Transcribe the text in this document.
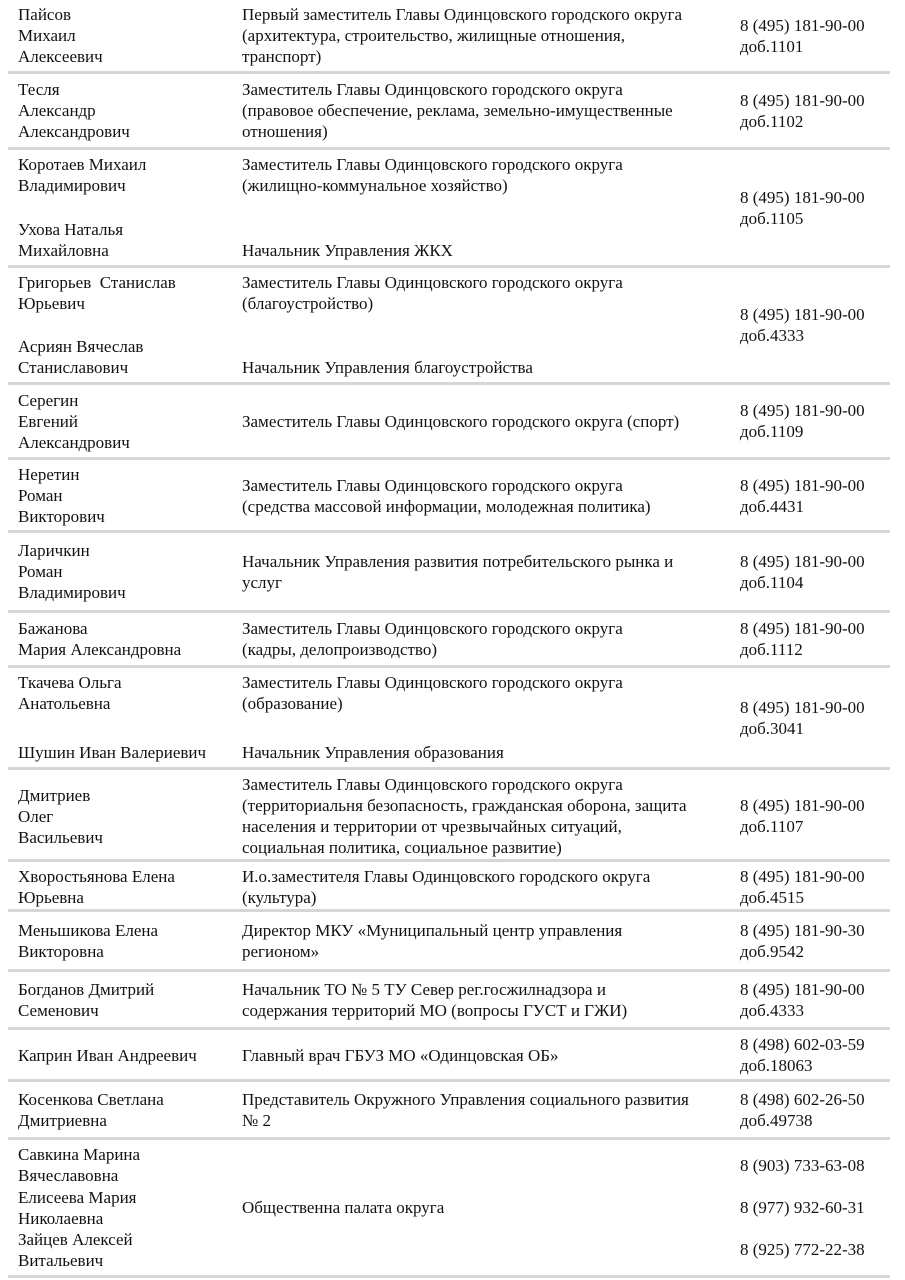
Пайсов
Михаил
Алексеевич
Первый заместитель Главы Одинцовского городского округа
(архитектура, строительство, жилищные отношения,
транспорт)
8 (495) 181-90-00
доб.1101
Тесля
Александр
Александрович
Заместитель Главы Одинцовского городского округа
(правовое обеспечение, реклама, земельно-имущественные
отношения)
8 (495) 181-90-00
доб.1102
Коротаев Михаил
Владимирович
Ухова Наталья
Михайловна
Заместитель Главы Одинцовского городского округа
(жилищно-коммунальное хозяйство)
Начальник Управления ЖКХ
8 (495) 181-90-00
доб.1105
Григорьев  Станислав
Юрьевич
Асриян Вячеслав
Станиславович
Заместитель Главы Одинцовского городского округа
(благоустройство)
Начальник Управления благоустройства
8 (495) 181-90-00
доб.4333
Серегин
Евгений
Александрович
Заместитель Главы Одинцовского городского округа (спорт)
8 (495) 181-90-00
доб.1109
Неретин
Роман
Викторович
Заместитель Главы Одинцовского городского округа
(средства массовой информации, молодежная политика)
8 (495) 181-90-00
доб.4431
Ларичкин
Роман
Владимирович
Начальник Управления развития потребительского рынка и
услуг
8 (495) 181-90-00
доб.1104
Бажанова
Мария Александровна
Заместитель Главы Одинцовского городского округа
(кадры, делопроизводство)
8 (495) 181-90-00
доб.1112
Ткачева Ольга
Анатольевна
Шушин Иван Валериевич
Заместитель Главы Одинцовского городского округа
(образование)
Начальник Управления образования
8 (495) 181-90-00
доб.3041
Дмитриев
Олег
Васильевич
Заместитель Главы Одинцовского городского округа
(территориальня безопасность, гражданская оборона, защита
населения и территории от чрезвычайных ситуаций,
социальная политика, социальное развитие)
8 (495) 181-90-00
доб.1107
Хворостьянова Елена
Юрьевна
И.о.заместителя Главы Одинцовского городского округа
(культура)
8 (495) 181-90-00
доб.4515
Меньшикова Елена
Викторовна
Директор МКУ «Муниципальный центр управления
регионом»
8 (495) 181-90-30
доб.9542
Богданов Дмитрий
Семенович
Начальник ТО № 5 ТУ Север рег.госжилнадзора и
содержания территорий МО (вопросы ГУСТ и ГЖИ)
8 (495) 181-90-00
доб.4333
Каприн Иван Андреевич	Главный врач ГБУЗ МО «Одинцовская ОБ»
8 (498) 602-03-59
доб.18063
Косенкова Светлана
Дмитриевна
Представитель Окружного Управления социального развития
№ 2
8 (498) 602-26-50
доб.49738
Савкина Марина
Вячеславовна
Елисеева Мария
Николаевна
Зайцев Алексей
Витальевич
Общественна палата округа
8 (903) 733-63-08
8 (977) 932-60-31
8 (925) 772-22-38
